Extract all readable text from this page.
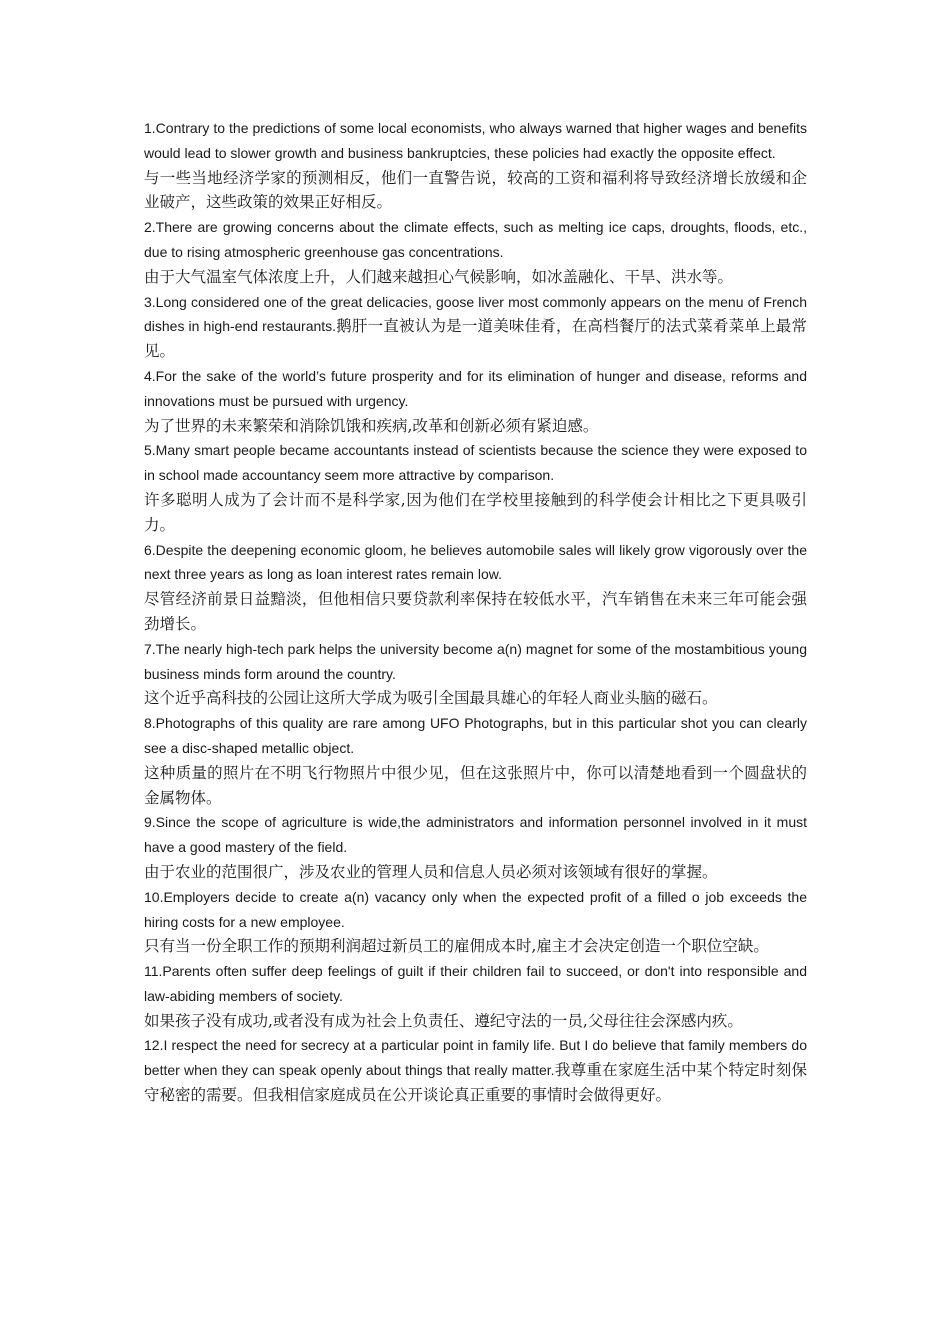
1.Contrary to the predictions of some local economists, who always warned that higher wages and benefits would lead to slower growth and business bankruptcies, these policies had exactly the opposite effect.

与一些当地经济学家的预测相反，他们一直警告说，较高的工资和福利将导致经济增长放缓和企业破产，这些政策的效果正好相反。

2.There are growing concerns about the climate effects, such as melting ice caps, droughts, floods, etc., due to rising atmospheric greenhouse gas concentrations.

由于大气温室气体浓度上升，人们越来越担心气候影响，如冰盖融化、干旱、洪水等。

3.Long considered one of the great delicacies, goose liver most commonly appears on the menu of French dishes in high-end restaurants.鹅肝一直被认为是一道美味佳肴，在高档餐厅的法式菜肴菜单上最常见。

4.For the sake of the world’s future prosperity and for its elimination of hunger and disease, reforms and innovations must be pursued with urgency.

为了世界的未来繁荣和消除饥饿和疾病,改革和创新必须有紧迫感。

5.Many smart people became accountants instead of scientists because the science they were exposed to in school made accountancy seem more attractive by comparison.

许多聪明人成为了会计而不是科学家,因为他们在学校里接触到的科学使会计相比之下更具吸引力。

6.Despite the deepening economic gloom, he believes automobile sales will likely grow vigorously over the next three years as long as loan interest rates remain low.

尽管经济前景日益黯淡，但他相信只要贷款利率保持在较低水平，汽车销售在未来三年可能会强劲增长。

7.The nearly high-tech park helps the university become a(n) magnet for some of the mostambitious young business minds form around the country.

这个近乎高科技的公园让这所大学成为吸引全国最具雄心的年轻人商业头脑的磁石。

8.Photographs of this quality are rare among UFO Photographs, but in this particular shot you can clearly see a disc-shaped metallic object.

这种质量的照片在不明飞行物照片中很少见，但在这张照片中，你可以清楚地看到一个圆盘状的金属物体。

9.Since the scope of agriculture is wide,the administrators and information personnel involved in it must have a good mastery of the field.

由于农业的范围很广，涉及农业的管理人员和信息人员必须对该领域有很好的掌握。

10.Employers decide to create a(n) vacancy only when the expected profit of a filled o job exceeds the hiring costs for a new employee.

只有当一份全职工作的预期利润超过新员工的雇佣成本时,雇主才会决定创造一个职位空缺。

11.Parents often suffer deep feelings of guilt if their children fail to succeed, or don't into responsible and law-abiding members of society.

如果孩子没有成功,或者没有成为社会上负责任、遵纪守法的一员,父母往往会深感内疚。

12.I respect the need for secrecy at a particular point in family life. But I do believe that family members do better when they can speak openly about things that really matter.我尊重在家庭生活中某个特定时刻保守秘密的需要。但我相信家庭成员在公开谈论真正重要的事情时会做得更好。
